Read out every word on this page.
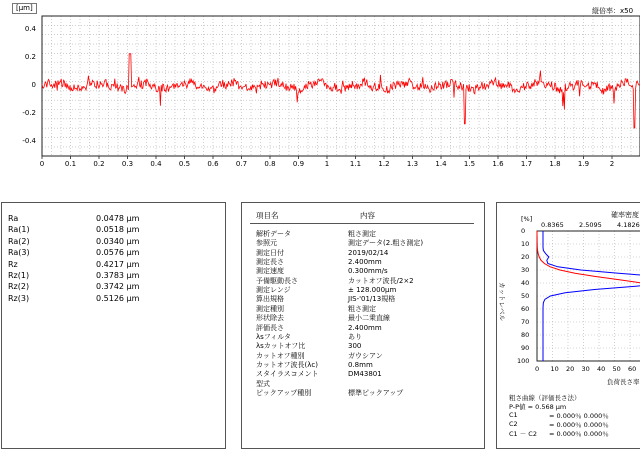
[μm]	縦倍率：x50
0.4
0.2
0
-0.2
-0.4
0	0.1	0.2	0.3	0.4	0.5	0.6	0.7	0.8	0.9	1	1.1	1.2	1.3	1.4	1.5	1.6	1.7	1.8	1.9	2
Ra	0.0478 μm
Ra(1)	0.0518 μm
Ra(2)	0.0340 μm
Ra(3)	0.0576 μm
Rz	0.4217 μm
Rz(1)	0.3783 μm
Rz(2)	0.3742 μm
Rz(3)	0.5126 μm
項目名	内容
解析データ	粗さ測定
参照元	測定データ(2.粗さ測定)
測定日付	2019/02/14
測定長さ	2.400mm
測定速度	0.300mm/s
予備駆動長さ	カットオフ波長/2×2
測定レンジ	± 128.000μm
算出規格	JIS-'01/13規格
測定種別	粗さ測定
形状除去	最小二乗直線
評価長さ	2.400mm
λsフィルタ	あり
λsカットオフ比	300
カットオフ種別	ガウシアン
カットオフ波長(λc)	0.8mm
スタイラスコメント	DM43801
型式
ピックアップ種別	標準ピックアップ
[%]	確率密度
0.8365 2.5095 4.1826
カットレベル
0
10
20
30
40
50
60
70
80
90
100
0 10 20 30 40 50 60
負荷長さ率
粗さ曲線（評価長さ法）
P-P値 = 0.568 μm
C1	= 0.000％ 0.000％
C2	= 0.000％ 0.000％
C1 － C2 = 0.000％ 0.000％
